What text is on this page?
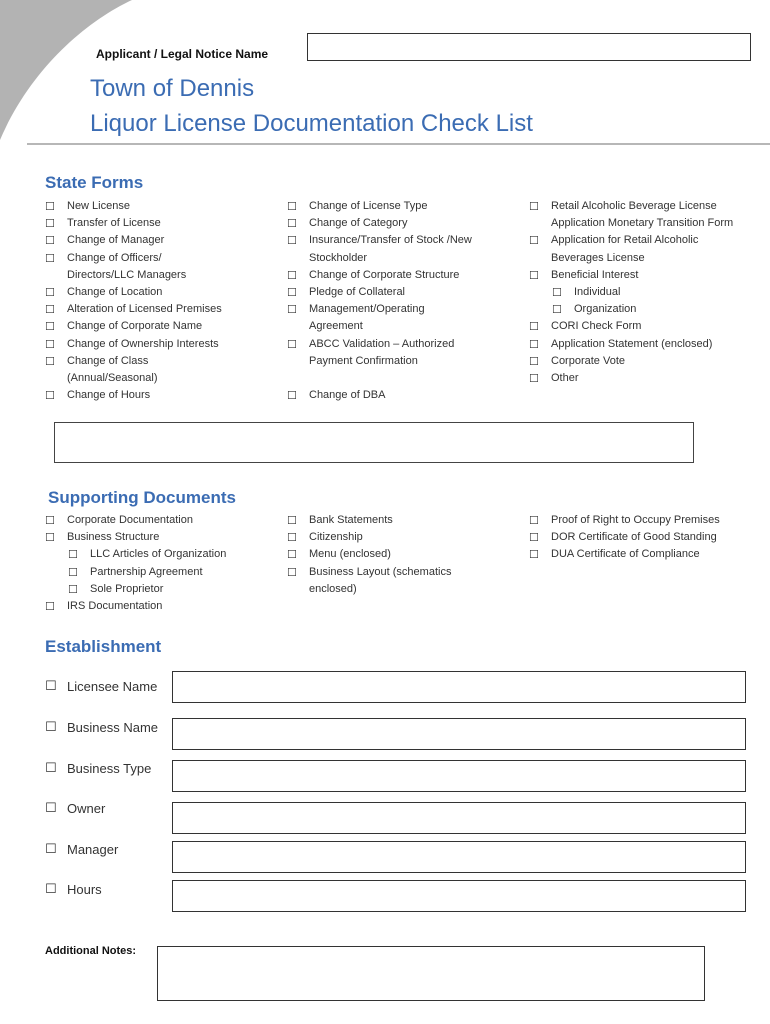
Applicant / Legal Notice Name
Town of Dennis
Liquor License Documentation Check List
State Forms
☐ New License
☐ Transfer of License
☐ Change of Manager
☐ Change of Officers/ Directors/LLC Managers
☐ Change of Location
☐ Alteration of Licensed Premises
☐ Change of Corporate Name
☐ Change of Ownership Interests
☐ Change of Class (Annual/Seasonal)
☐ Change of Hours
☐ Change of License Type
☐ Change of Category
☐ Insurance/Transfer of Stock /New Stockholder
☐ Change of Corporate Structure
☐ Pledge of Collateral
☐ Management/Operating Agreement
☐ ABCC Validation – Authorized Payment Confirmation
☐ Change of DBA
☐ Retail Alcoholic Beverage License Application Monetary Transition Form
☐ Application for Retail Alcoholic Beverages License
☐ Beneficial Interest
☐ Individual
☐ Organization
☐ CORI Check Form
☐ Application Statement (enclosed)
☐ Corporate Vote
☐ Other
Supporting Documents
☐ Corporate Documentation
☐ Business Structure
☐ LLC Articles of Organization
☐ Partnership Agreement
☐ Sole Proprietor
☐ IRS Documentation
☐ Bank Statements
☐ Citizenship
☐ Menu (enclosed)
☐ Business Layout (schematics enclosed)
☐ Proof of Right to Occupy Premises
☐ DOR Certificate of Good Standing
☐ DUA Certificate of Compliance
Establishment
☐ Licensee Name
☐ Business Name
☐ Business Type
☐ Owner
☐ Manager
☐ Hours
Additional Notes:
